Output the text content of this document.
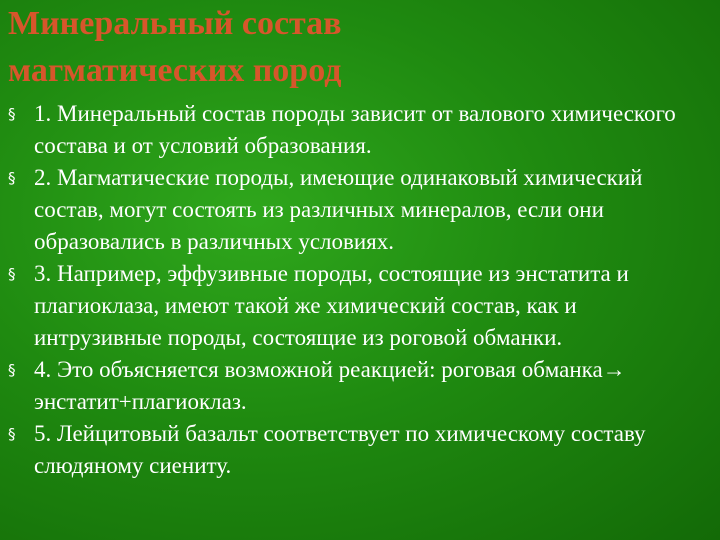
Минеральный состав
магматических пород
§ 1. Минеральный состав породы зависит от валового химического состава и от условий образования.
§ 2. Магматические породы, имеющие одинаковый химический состав, могут состоять из различных минералов, если они образовались в различных условиях.
§ 3. Например, эффузивные породы, состоящие из энстатита и плагиоклаза, имеют такой же химический состав, как и интрузивные породы, состоящие из роговой обманки.
§ 4. Это объясняется возможной реакцией: роговая обманка→ энстатит+плагиоклаз.
§ 5. Лейцитовый базальт соответствует по химическому составу слюдяному сиениту.
